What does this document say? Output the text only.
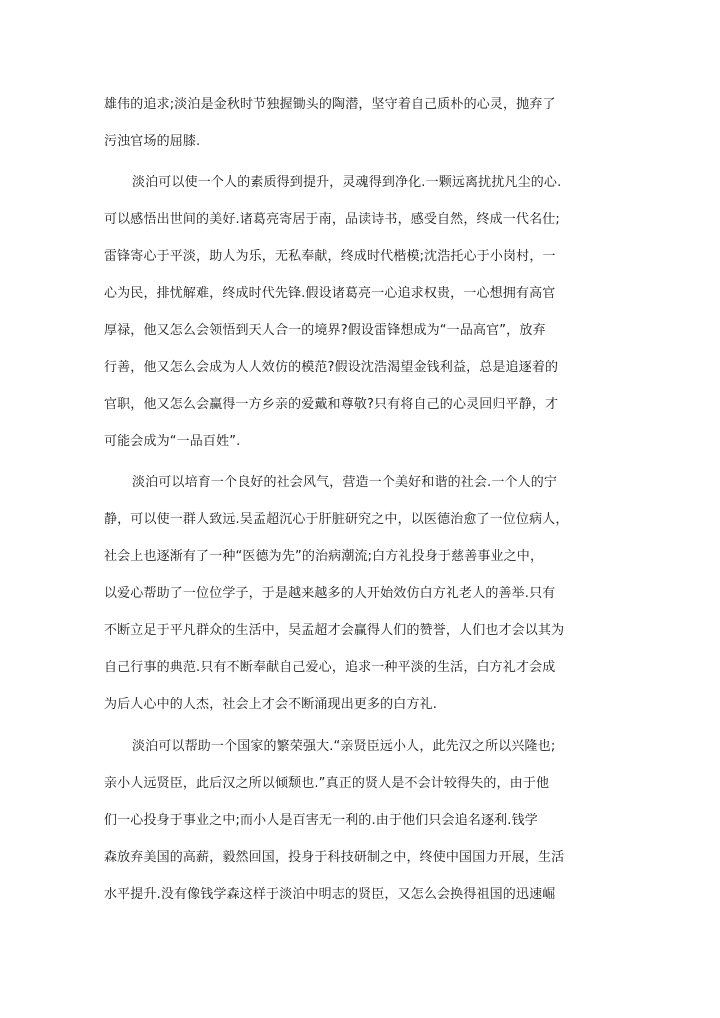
雄伟的追求;淡泊是金秋时节独握锄头的陶潜，坚守着自己质朴的心灵，抛弃了
污浊官场的屈膝.
淡泊可以使一个人的素质得到提升，灵魂得到净化.一颗远离扰扰凡尘的心.
可以感悟出世间的美好.诸葛亮寄居于南，品读诗书，感受自然，终成一代名仕;
雷锋寄心于平淡，助人为乐，无私奉献，终成时代楷模;沈浩托心于小岗村，一
心为民，排忧解难，终成时代先锋.假设诸葛亮一心追求权贵，一心想拥有高官
厚禄，他又怎么会领悟到天人合一的境界?假设雷锋想成为“一品高官”，放弃
行善，他又怎么会成为人人效仿的模范?假设沈浩渴望金钱利益，总是追逐着的
官职，他又怎么会赢得一方乡亲的爱戴和尊敬?只有将自己的心灵回归平静，才
可能会成为“一品百姓”.
淡泊可以培育一个良好的社会风气，营造一个美好和谐的社会.一个人的宁
静，可以使一群人致远.吴孟超沉心于肝脏研究之中，以医德治愈了一位位病人，
社会上也逐渐有了一种“医德为先”的治病潮流;白方礼投身于慈善事业之中，
以爱心帮助了一位位学子，于是越来越多的人开始效仿白方礼老人的善举.只有
不断立足于平凡群众的生活中，吴孟超才会赢得人们的赞誉，人们也才会以其为
自己行事的典范.只有不断奉献自己爱心，追求一种平淡的生活，白方礼才会成
为后人心中的人杰，社会上才会不断涌现出更多的白方礼.
淡泊可以帮助一个国家的繁荣强大.“亲贤臣远小人，此先汉之所以兴隆也;
亲小人远贤臣，此后汉之所以倾颓也.”真正的贤人是不会计较得失的，由于他
们一心投身于事业之中;而小人是百害无一利的.由于他们只会追名逐利.钱学
森放弃美国的高薪，毅然回国，投身于科技研制之中，终使中国国力开展，生活
水平提升.没有像钱学森这样于淡泊中明志的贤臣，又怎么会换得祖国的迅速崛
